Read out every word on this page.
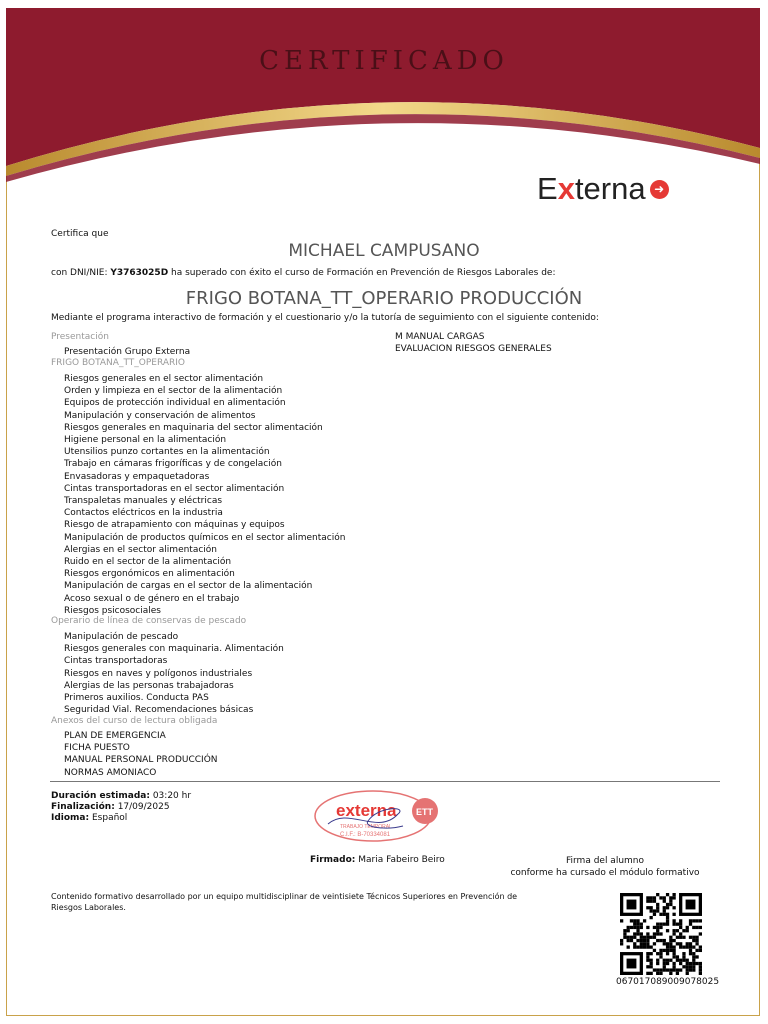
CERTIFICADO
E x terna ➜
Certifica que
MICHAEL CAMPUSANO
con DNI/NIE: Y3763025D ha superado con éxito el curso de Formación en Prevención de Riesgos Laborales de:
FRIGO BOTANA_TT_OPERARIO PRODUCCIÓN
Mediante el programa interactivo de formación y el cuestionario y/o la tutoría de seguimiento con el siguiente contenido:
Presentación
Presentación Grupo Externa
FRIGO BOTANA_TT_OPERARIO
Riesgos generales en el sector alimentación
Orden y limpieza en el sector de la alimentación
Equipos de protección individual en alimentación
Manipulación y conservación de alimentos
Riesgos generales en maquinaria del sector alimentación
Higiene personal en la alimentación
Utensilios punzo cortantes en la alimentación
Trabajo en cámaras frigoríficas y de congelación
Envasadoras y empaquetadoras
Cintas transportadoras en el sector alimentación
Transpaletas manuales y eléctricas
Contactos eléctricos en la industria
Riesgo de atrapamiento con máquinas y equipos
Manipulación de productos químicos en el sector alimentación
Alergias en el sector alimentación
Ruido en el sector de la alimentación
Riesgos ergonómicos en alimentación
Manipulación de cargas en el sector de la alimentación
Acoso sexual o de género en el trabajo
Riesgos psicosociales
Operario de línea de conservas de pescado
Manipulación de pescado
Riesgos generales con maquinaria. Alimentación
Cintas transportadoras
Riesgos en naves y polígonos industriales
Alergias de las personas trabajadoras
Primeros auxilios. Conducta PAS
Seguridad Vial. Recomendaciones básicas
Anexos del curso de lectura obligada
PLAN DE EMERGENCIA
FICHA PUESTO
MANUAL PERSONAL PRODUCCIÓN
NORMAS AMONIACO
M MANUAL CARGAS
EVALUACION RIESGOS GENERALES
Duración estimada: 03:20 hr
Finalización: 17/09/2025
Idioma: Español	externa ETT
TRABAJO TEMPORAL
C.I.F.: B-70334081
Firmado: Maria Fabeiro Beiro	Firma del alumno
conforme ha cursado el módulo formativo
Contenido formativo desarrollado por un equipo multidisciplinar de veintisiete Técnicos Superiores en Prevención de
Riesgos Laborales.
067017089009078025
